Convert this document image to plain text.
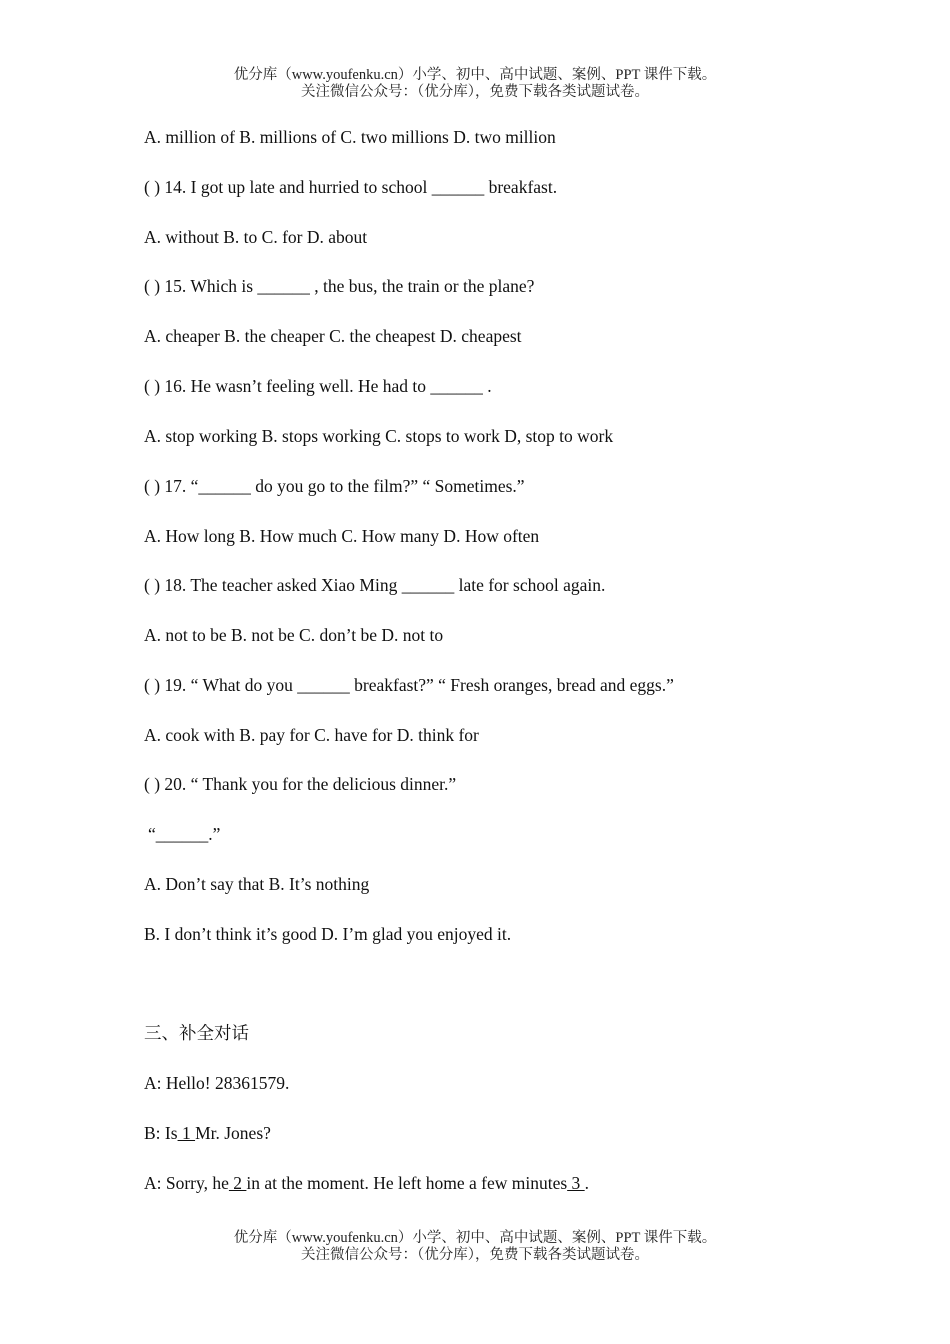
优分库（www.youfenku.cn）小学、初中、高中试题、案例、PPT 课件下载。
关注微信公众号：（优分库），免费下载各类试题试卷。
A. million of B. millions of C. two millions D. two million
( ) 14. I got up late and hurried to school ______ breakfast.
A. without B. to C. for D. about
( ) 15. Which is ______ , the bus, the train or the plane?
A. cheaper B. the cheaper C. the cheapest D. cheapest
( ) 16. He wasn’t feeling well. He had to ______ .
A. stop working B. stops working C. stops to work D, stop to work
( ) 17. “______ do you go to the film?” “ Sometimes.”
A. How long B. How much C. How many D. How often
( ) 18. The teacher asked Xiao Ming ______ late for school again.
A. not to be B. not be C. don’t be D. not to
( ) 19. “ What do you ______ breakfast?” “ Fresh oranges, bread and eggs.”
A. cook with B. pay for C. have for D. think for
( ) 20. “ Thank you for the delicious dinner.”
“______.”
A. Don’t say that B. It’s nothing
B. I don’t think it’s good D. I’m glad you enjoyed it.
三、补全对话
A: Hello! 28361579.
B: Is 1 Mr. Jones?
A: Sorry, he 2 in at the moment. He left home a few minutes 3 .
优分库（www.youfenku.cn）小学、初中、高中试题、案例、PPT 课件下载。
关注微信公众号：（优分库），免费下载各类试题试卷。
